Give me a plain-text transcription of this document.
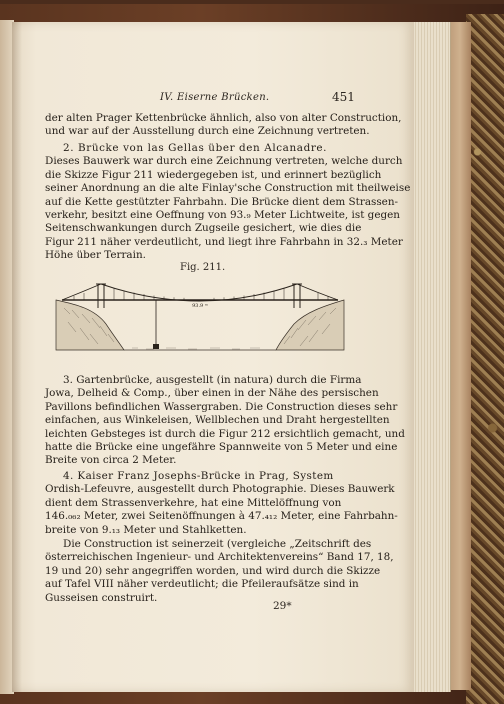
IV. Eiserne Brücken.	451
der alten Prager Kettenbrücke ähnlich, also von alter Construction,
und war auf der Ausstellung durch eine Zeichnung vertreten.
2. Brücke von las Gellas über den Alcanadre.
Dieses Bauwerk war durch eine Zeichnung vertreten, welche durch
die Skizze Figur 211 wiedergegeben ist, und erinnert bezüglich
seiner Anordnung an die alte Finlay'sche Construction mit theilweise
auf die Kette gestützter Fahrbahn. Die Brücke dient dem Strassen-
verkehr, besitzt eine Oeffnung von 93.₉ Meter Lichtweite, ist gegen
Seitenschwankungen durch Zugseile gesichert, wie dies die
Figur 211 näher verdeutlicht, und liegt ihre Fahrbahn in 32.₃ Meter
Höhe über Terrain.
Fig. 211.
93.9 ᵐ
3. Gartenbrücke, ausgestellt (in natura) durch die Firma
Jowa, Delheid & Comp., über einen in der Nähe des persischen
Pavillons befindlichen Wassergraben. Die Construction dieses sehr
einfachen, aus Winkeleisen, Wellblechen und Draht hergestellten
leichten Gebsteges ist durch die Figur 212 ersichtlich gemacht, und
hatte die Brücke eine ungefähre Spannweite von 5 Meter und eine
Breite von circa 2 Meter.
4. Kaiser Franz Josephs-Brücke in Prag, System
Ordish-Lefeuvre, ausgestellt durch Photographie. Dieses Bauwerk
dient dem Strassenverkehre, hat eine Mittelöffnung von
146.₀₆₂ Meter, zwei Seitenöffnungen à 47.₄₁₂ Meter, eine Fahrbahn-
breite von 9.₁₃ Meter und Stahlketten.
Die Construction ist seinerzeit (vergleiche „Zeitschrift des
österreichischen Ingenieur- und Architektenvereins“ Band 17, 18,
19 und 20) sehr angegriffen worden, und wird durch die Skizze
auf Tafel VIII näher verdeutlicht; die Pfeileraufsätze sind in
Gusseisen construirt.
29*
